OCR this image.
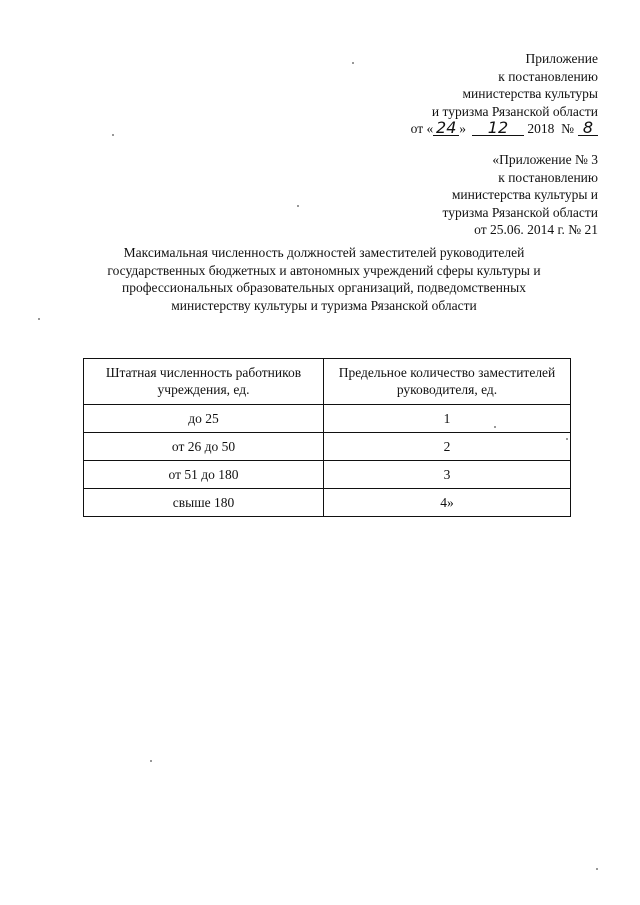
Приложение
к постановлению
министерства культуры
и туризма Рязанской области
от « 24 » 12 2018 № 8
«Приложение № 3
к постановлению
министерства культуры и
туризма Рязанской области
от 25.06. 2014 г. № 21
Максимальная численность должностей заместителей руководителей
государственных бюджетных и автономных учреждений сферы культуры и
профессиональных образовательных организаций, подведомственных
министерству культуры и туризма Рязанской области
Штатная численность работников учреждения, ед.	Предельное количество заместителей руководителя, ед.
до 25	1
от 26 до 50	2
от 51 до 180	3
свыше 180	4»
